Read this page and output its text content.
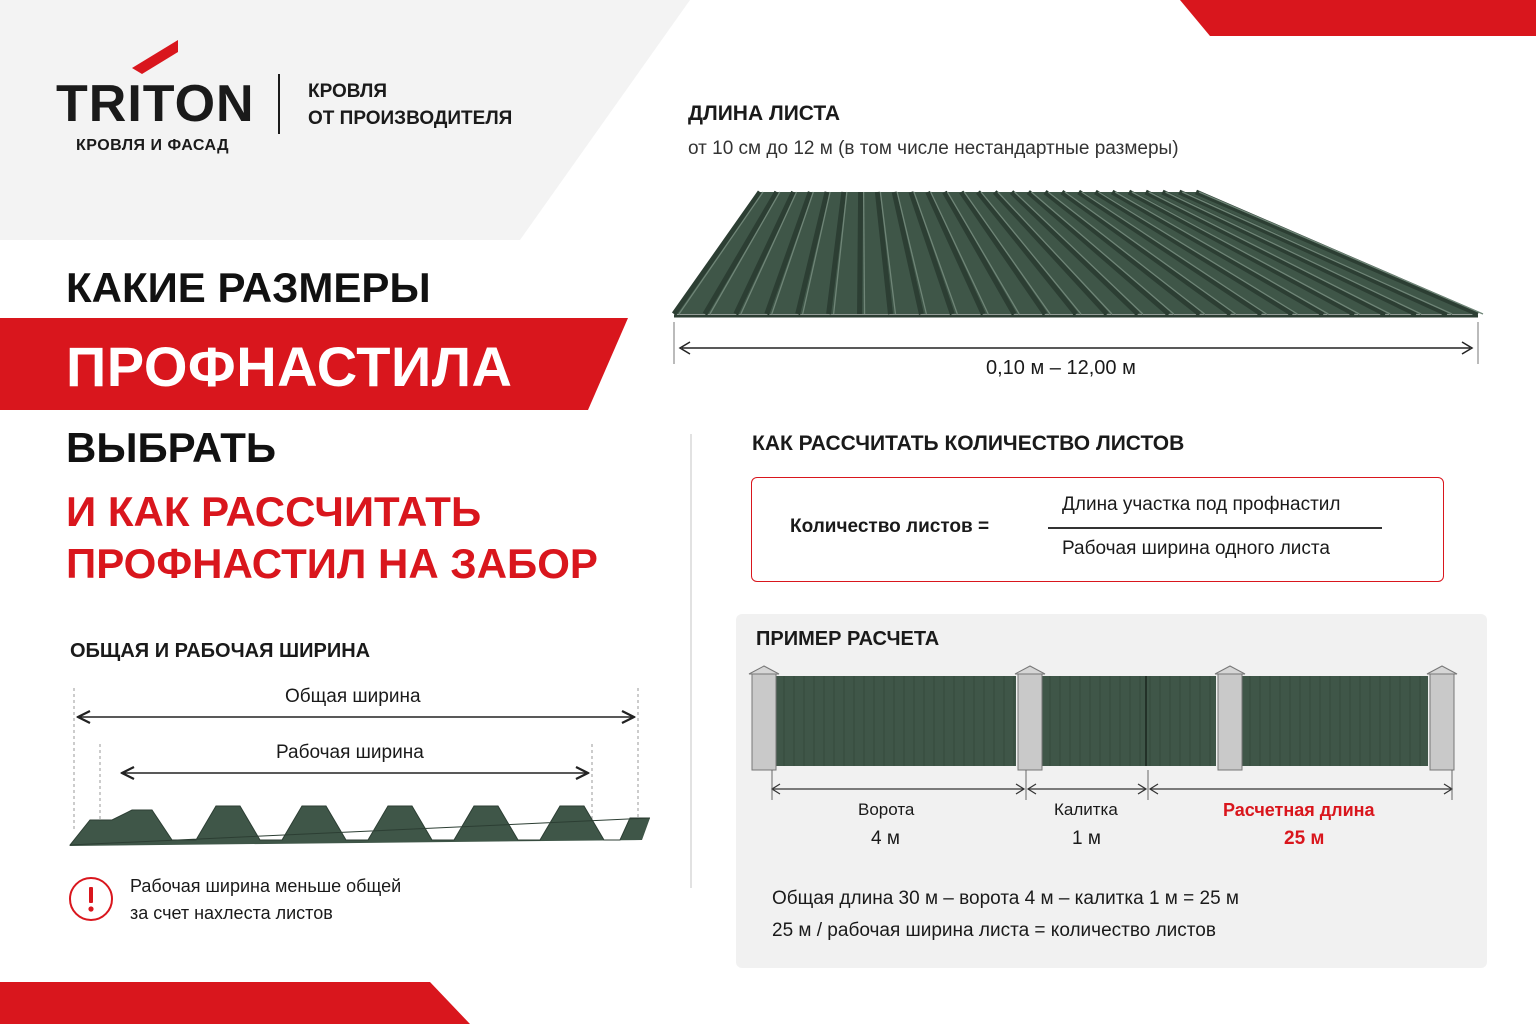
TRITON
КРОВЛЯ И ФАСАД
КРОВЛЯ
ОТ ПРОИЗВОДИТЕЛЯ
КАКИЕ РАЗМЕРЫ
ПРОФНАСТИЛА
ВЫБРАТЬ
И КАК РАССЧИТАТЬ
ПРОФНАСТИЛ НА ЗАБОР
ОБЩАЯ И РАБОЧАЯ ШИРИНА
Общая ширина
Рабочая ширина
Рабочая ширина меньше общей
за счет нахлеста листов
ДЛИНА ЛИСТА
от 10 см до 12 м (в том числе нестандартные размеры)
0,10 м – 12,00 м
КАК РАССЧИТАТЬ КОЛИЧЕСТВО ЛИСТОВ
Количество листов =
Длина участка под профнастил
Рабочая ширина одного листа
ПРИМЕР РАСЧЕТА
Ворота
4 м
Калитка
1 м
Расчетная длина
25 м
Общая длина 30 м – ворота 4 м – калитка 1 м = 25 м
25 м / рабочая ширина листа = количество листов
